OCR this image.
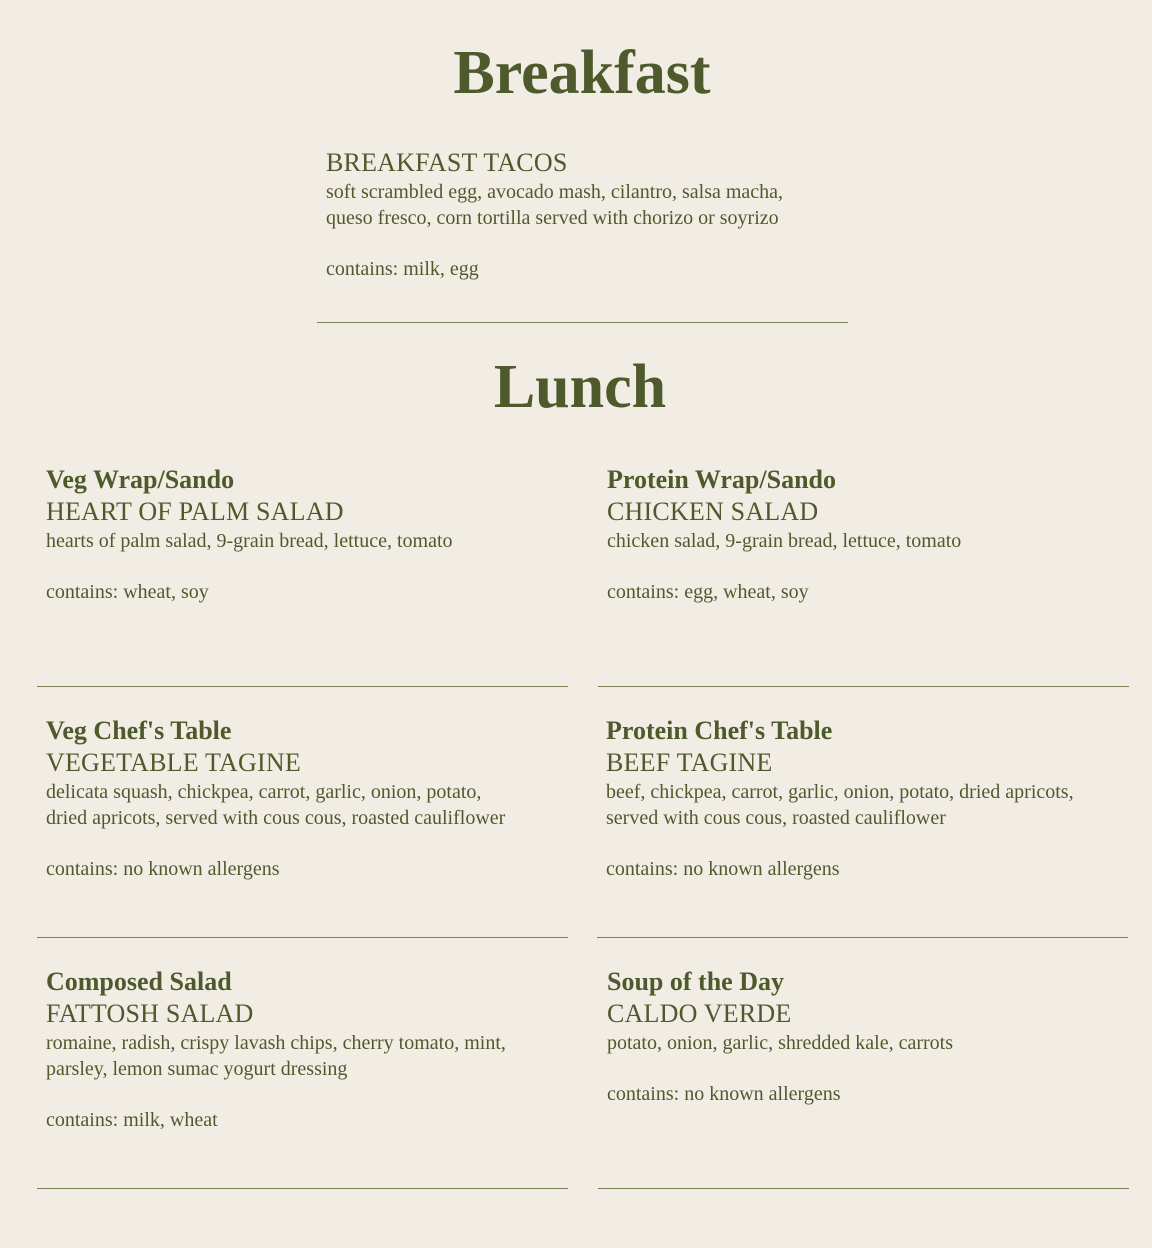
Breakfast
BREAKFAST TACOS
soft scrambled egg, avocado mash, cilantro, salsa macha,
queso fresco, corn tortilla served with chorizo or soyrizo
contains: milk, egg
Lunch
Veg Wrap/Sando
HEART OF PALM SALAD
hearts of palm salad, 9-grain bread, lettuce, tomato
contains: wheat, soy
Protein Wrap/Sando
CHICKEN SALAD
chicken salad, 9-grain bread, lettuce, tomato
contains: egg, wheat, soy
Veg Chef's Table
VEGETABLE TAGINE
delicata squash, chickpea, carrot, garlic, onion, potato,
dried apricots, served with cous cous, roasted cauliflower
contains: no known allergens
Protein Chef's Table
BEEF TAGINE
beef, chickpea, carrot, garlic, onion, potato, dried apricots,
served with cous cous, roasted cauliflower
contains: no known allergens
Composed Salad
FATTOSH SALAD
romaine, radish, crispy lavash chips, cherry tomato, mint,
parsley, lemon sumac yogurt dressing
contains: milk, wheat
Soup of the Day
CALDO VERDE
potato, onion, garlic, shredded kale, carrots
contains: no known allergens
